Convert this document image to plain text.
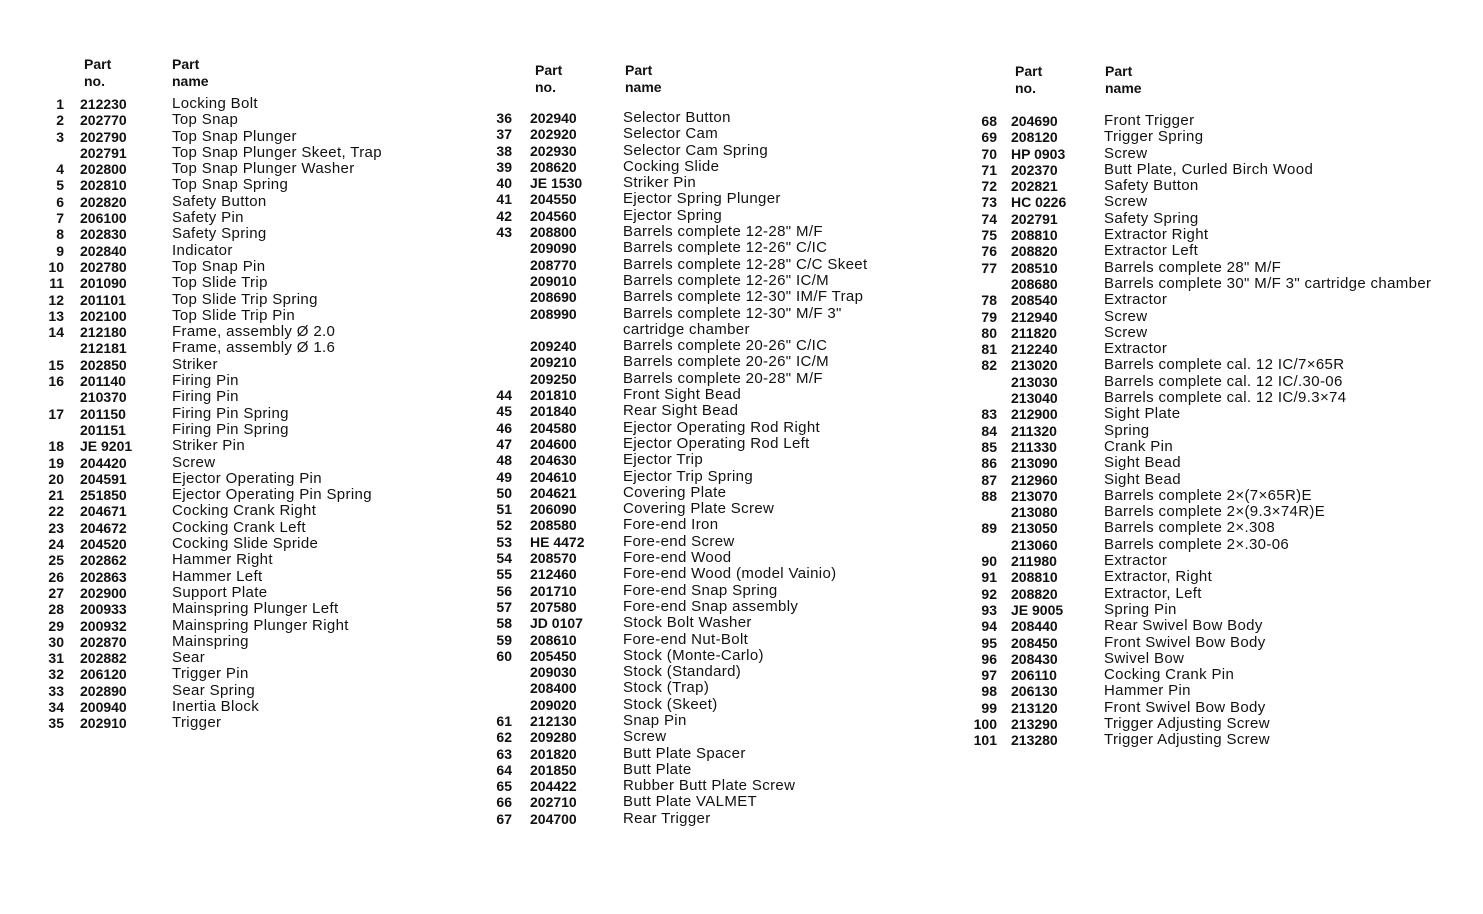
Part
no.
Part
name
1 212230	Locking Bolt
2 202770	Top Snap
3 202790	Top Snap Plunger
202791	Top Snap Plunger Skeet, Trap
4 202800	Top Snap Plunger Washer
5 202810	Top Snap Spring
6 202820	Safety Button
7 206100	Safety Pin
8 202830	Safety Spring
9 202840	Indicator
10 202780	Top Snap Pin
11 201090	Top Slide Trip
12 201101	Top Slide Trip Spring
13 202100	Top Slide Trip Pin
14 212180	Frame, assembly Ø 2.0
212181	Frame, assembly Ø 1.6
15 202850	Striker
16 201140	Firing Pin
210370	Firing Pin
17 201150	Firing Pin Spring
201151	Firing Pin Spring
18 JE 9201	Striker Pin
19 204420	Screw
20 204591	Ejector Operating Pin
21 251850	Ejector Operating Pin Spring
22 204671	Cocking Crank Right
23 204672	Cocking Crank Left
24 204520	Cocking Slide Spride
25 202862	Hammer Right
26 202863	Hammer Left
27 202900	Support Plate
28 200933	Mainspring Plunger Left
29 200932	Mainspring Plunger Right
30 202870	Mainspring
31 202882	Sear
32 206120	Trigger Pin
33 202890	Sear Spring
34 200940	Inertia Block
35 202910	Trigger
Part
no.
Part
name
36 202940	Selector Button
37 202920	Selector Cam
38 202930	Selector Cam Spring
39 208620	Cocking Slide
40 JE 1530	Striker Pin
41 204550	Ejector Spring Plunger
42 204560	Ejector Spring
43 208800	Barrels complete 12-28" M/F
209090	Barrels complete 12-26" C/IC
208770	Barrels complete 12-28" C/C Skeet
209010	Barrels complete 12-26" IC/M
208690	Barrels complete 12-30" IM/F Trap
208990	Barrels complete 12-30" M/F 3"
cartridge chamber
209240	Barrels complete 20-26" C/IC
209210	Barrels complete 20-26" IC/M
209250	Barrels complete 20-28" M/F
44 201810	Front Sight Bead
45 201840	Rear Sight Bead
46 204580	Ejector Operating Rod Right
47 204600	Ejector Operating Rod Left
48 204630	Ejector Trip
49 204610	Ejector Trip Spring
50 204621	Covering Plate
51 206090	Covering Plate Screw
52 208580	Fore-end Iron
53 HE 4472	Fore-end Screw
54 208570	Fore-end Wood
55 212460	Fore-end Wood (model Vainio)
56 201710	Fore-end Snap Spring
57 207580	Fore-end Snap assembly
58 JD 0107	Stock Bolt Washer
59 208610	Fore-end Nut-Bolt
60 205450	Stock (Monte-Carlo)
209030	Stock (Standard)
208400	Stock (Trap)
209020	Stock (Skeet)
61 212130	Snap Pin
62 209280	Screw
63 201820	Butt Plate Spacer
64 201850	Butt Plate
65 204422	Rubber Butt Plate Screw
66 202710	Butt Plate VALMET
67 204700	Rear Trigger
Part
no.
Part
name
68 204690	Front Trigger
69 208120	Trigger Spring
70 HP 0903	Screw
71 202370	Butt Plate, Curled Birch Wood
72 202821	Safety Button
73 HC 0226	Screw
74 202791	Safety Spring
75 208810	Extractor Right
76 208820	Extractor Left
77 208510	Barrels complete 28" M/F
208680	Barrels complete 30" M/F 3" cartridge chamber
78 208540	Extractor
79 212940	Screw
80 211820	Screw
81 212240	Extractor
82 213020	Barrels complete cal. 12 IC/7×65R
213030	Barrels complete cal. 12 IC/.30-06
213040	Barrels complete cal. 12 IC/9.3×74
83 212900	Sight Plate
84 211320	Spring
85 211330	Crank Pin
86 213090	Sight Bead
87 212960	Sight Bead
88 213070	Barrels complete 2×(7×65R)E
213080	Barrels complete 2×(9.3×74R)E
89 213050	Barrels complete 2×.308
213060	Barrels complete 2×.30-06
90 211980	Extractor
91 208810	Extractor, Right
92 208820	Extractor, Left
93 JE 9005	Spring Pin
94 208440	Rear Swivel Bow Body
95 208450	Front Swivel Bow Body
96 208430	Swivel Bow
97 206110	Cocking Crank Pin
98 206130	Hammer Pin
99 213120	Front Swivel Bow Body
100 213290	Trigger Adjusting Screw
101 213280	Trigger Adjusting Screw
